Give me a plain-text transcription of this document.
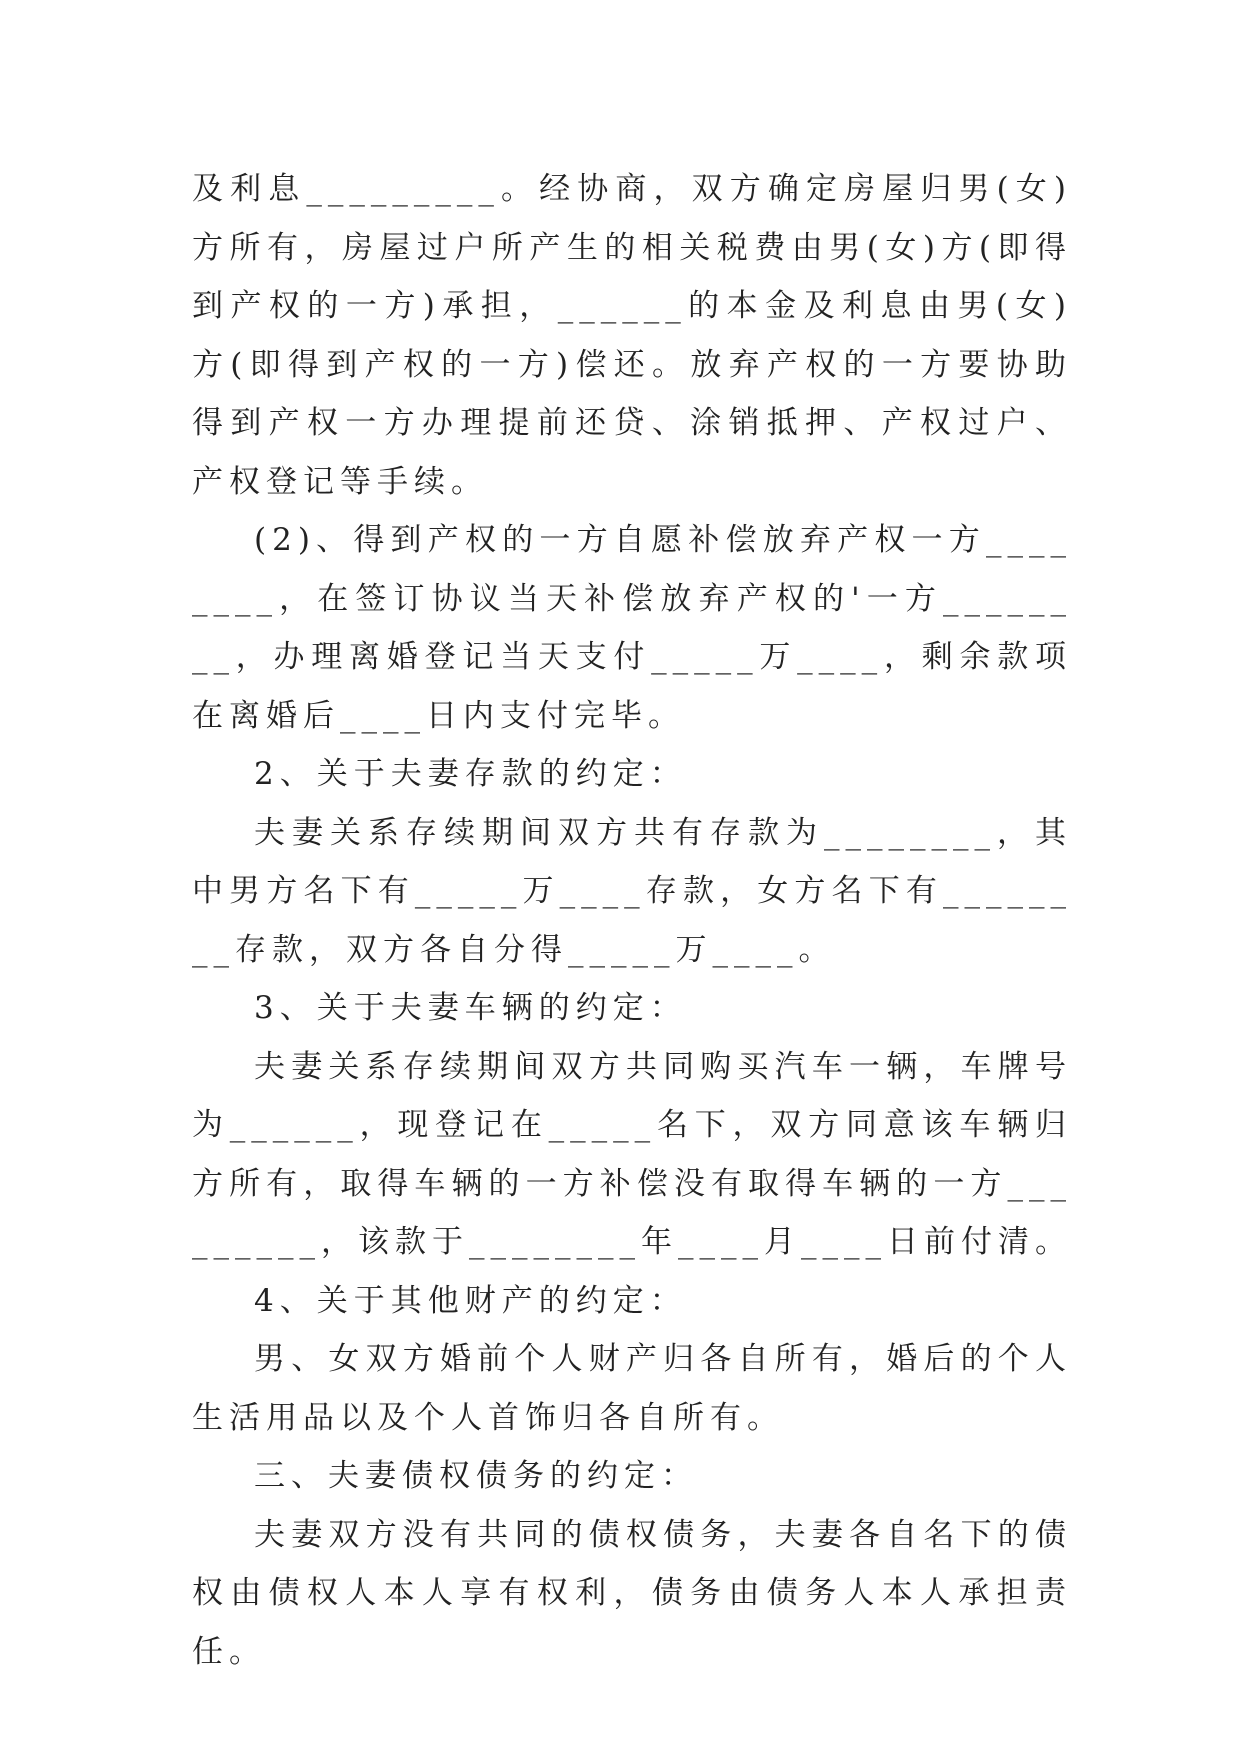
及利息_________。经协商，双方确定房屋归男(女)方所有，房屋过户所产生的相关税费由男(女)方(即得到产权的一方)承担，______的本金及利息由男(女)方(即得到产权的一方)偿还。放弃产权的一方要协助得到产权一方办理提前还贷、涂销抵押、产权过户、产权登记等手续。

(2)、得到产权的一方自愿补偿放弃产权一方________，在签订协议当天补偿放弃产权的'一方________，办理离婚登记当天支付_____万____，剩余款项在离婚后____日内支付完毕。

2、关于夫妻存款的约定：

夫妻关系存续期间双方共有存款为________，其中男方名下有_____万____存款，女方名下有________存款，双方各自分得_____万____。

3、关于夫妻车辆的约定：

夫妻关系存续期间双方共同购买汽车一辆，车牌号为______，现登记在_____名下，双方同意该车辆归方所有，取得车辆的一方补偿没有取得车辆的一方_________，该款于________年____月____日前付清。

4、关于其他财产的约定：

男、女双方婚前个人财产归各自所有，婚后的个人生活用品以及个人首饰归各自所有。

三、夫妻债权债务的约定：

夫妻双方没有共同的债权债务，夫妻各自名下的债权由债权人本人享有权利，债务由债务人本人承担责任。
